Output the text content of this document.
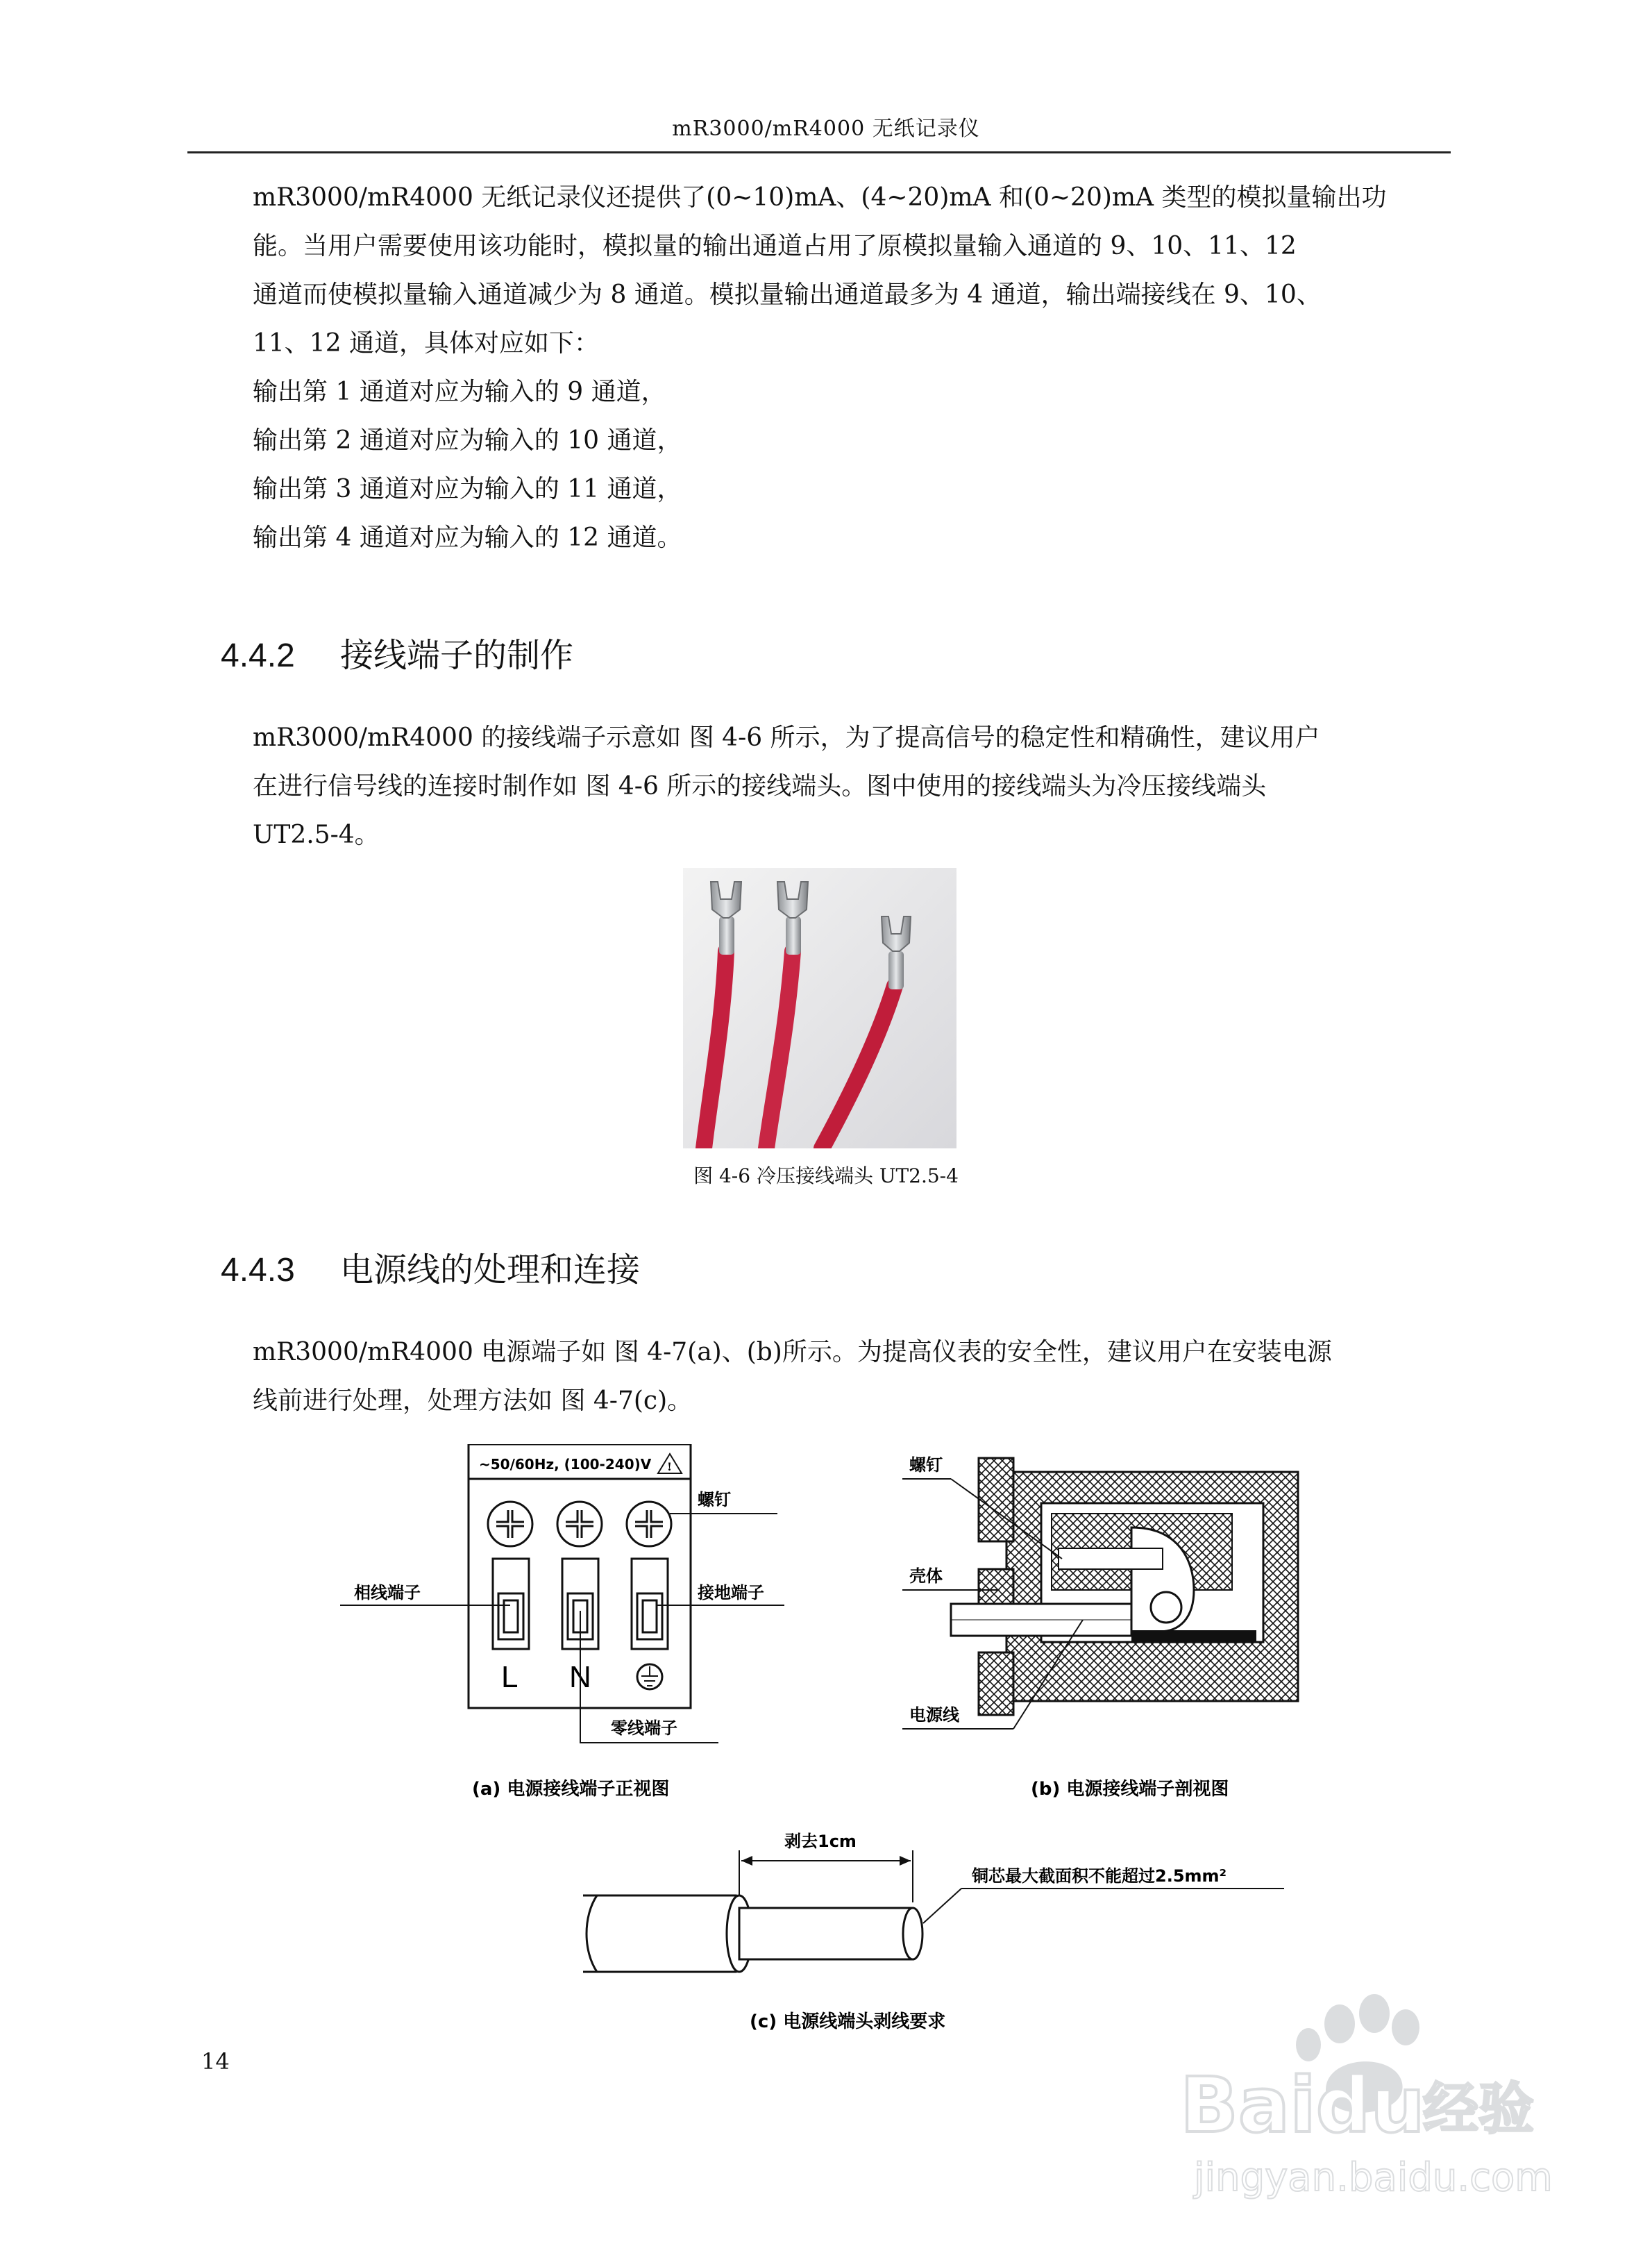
mR3000/mR4000 无纸记录仪
mR3000/mR4000 无纸记录仪还提供了(0~10)mA、(4~20)mA 和(0~20)mA 类型的模拟量输出功
能。当用户需要使用该功能时，模拟量的输出通道占用了原模拟量输入通道的 9、10、11、12
通道而使模拟量输入通道减少为 8 通道。模拟量输出通道最多为 4 通道，输出端接线在 9、10、
11、12 通道，具体对应如下：
输出第 1 通道对应为输入的 9 通道，
输出第 2 通道对应为输入的 10 通道，
输出第 3 通道对应为输入的 11 通道，
输出第 4 通道对应为输入的 12 通道。
4.4.2 接线端子的制作
mR3000/mR4000 的接线端子示意如 图 4-6 所示，为了提高信号的稳定性和精确性，建议用户
在进行信号线的连接时制作如 图 4-6 所示的接线端头。图中使用的接线端头为冷压接线端头
UT2.5-4。
图 4-6 冷压接线端头 UT2.5-4
4.4.3 电源线的处理和连接
mR3000/mR4000 电源端子如 图 4-7(a)、(b)所示。为提高仪表的安全性，建议用户在安装电源
线前进行处理，处理方法如 图 4-7(c)。
~50/60Hz, (100-240)V !
L N
螺钉
相线端子	接地端子
零线端子
(a) 电源接线端子正视图
螺钉
壳体
电源线
(b) 电源接线端子剖视图
剥去1cm
铜芯最大截面积不能超过2.5mm²
(c) 电源线端头剥线要求
14	Baidu
经验
jingyan.baidu.com
